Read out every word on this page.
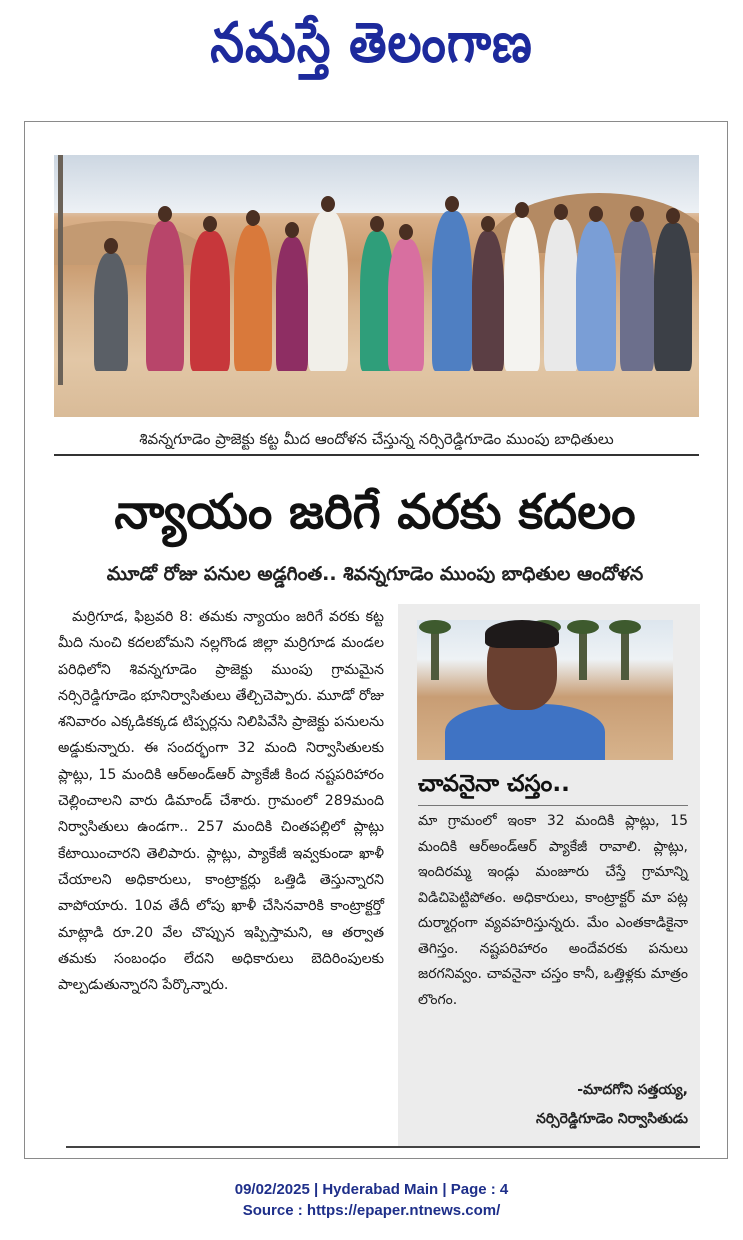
నమస్తే తెలంగాణ
శివన్నగూడెం ప్రాజెక్టు కట్ట మీద ఆందోళన చేస్తున్న నర్సిరెడ్డిగూడెం ముంపు బాధితులు
న్యాయం జరిగే వరకు కదలం
మూడో రోజు పనుల అడ్డగింత.. శివన్నగూడెం ముంపు బాధితుల ఆందోళన

మర్రిగూడ, ఫిబ్రవరి 8: తమకు న్యాయం జరిగే వరకు కట్ట మీది నుంచి కదలబోమని నల్లగొండ జిల్లా మర్రిగూడ మండల పరిధిలోని శివన్నగూడెం ప్రాజెక్టు ముంపు గ్రామమైన నర్సిరెడ్డిగూడెం భూనిర్వాసితులు తేల్చిచెప్పారు. మూడో రోజు శనివారం ఎక్కడికక్కడ టిప్పర్లను నిలిపివేసి ప్రాజెక్టు పనులను అడ్డుకున్నారు. ఈ సందర్భంగా 32 మంది నిర్వాసితులకు ప్లాట్లు, 15 మందికి ఆర్అండ్ఆర్ ప్యాకేజీ కింద నష్టపరిహారం చెల్లించాలని వారు డిమాండ్ చేశారు. గ్రామంలో 289మంది నిర్వాసితులు ఉండగా.. 257 మందికి చింతపల్లిలో ప్లాట్లు కేటాయించారని తెలిపారు. ప్లాట్లు, ప్యాకేజీ ఇవ్వకుండా ఖాళీ చేయాలని అధికారులు, కాంట్రాక్టర్లు ఒత్తిడి తెస్తున్నారని వాపోయారు. 10వ తేదీ లోపు ఖాళీ చేసినవారికి కాంట్రాక్టర్తో మాట్లాడి రూ.20 వేల చొప్పున ఇప్పిస్తామని, ఆ తర్వాత తమకు సంబంధం లేదని అధికారులు బెదిరింపులకు పాల్పడుతున్నారని పేర్కొన్నారు.

చావనైనా చస్తం..
మా గ్రామంలో ఇంకా 32 మందికి ప్లాట్లు, 15 మందికి ఆర్అండ్ఆర్ ప్యాకేజీ రావాలి. ప్లాట్లు, ఇందిరమ్మ ఇండ్లు మంజూరు చేస్తే గ్రామాన్ని విడిచిపెట్టిపోతం. అధికారులు, కాంట్రాక్టర్ మా పట్ల దుర్మార్గంగా వ్యవహరిస్తున్నరు. మేం ఎంతకాడికైనా తెగిస్తం. నష్టపరిహారం అందేవరకు పనులు జరగనివ్వం. చావనైనా చస్తం కానీ, ఒత్తిళ్లకు మాత్రం లొంగం.
-మాదగోని సత్తయ్య,
నర్సిరెడ్డిగూడెం నిర్వాసితుడు
09/02/2025 | Hyderabad Main | Page : 4
Source : https://epaper.ntnews.com/
